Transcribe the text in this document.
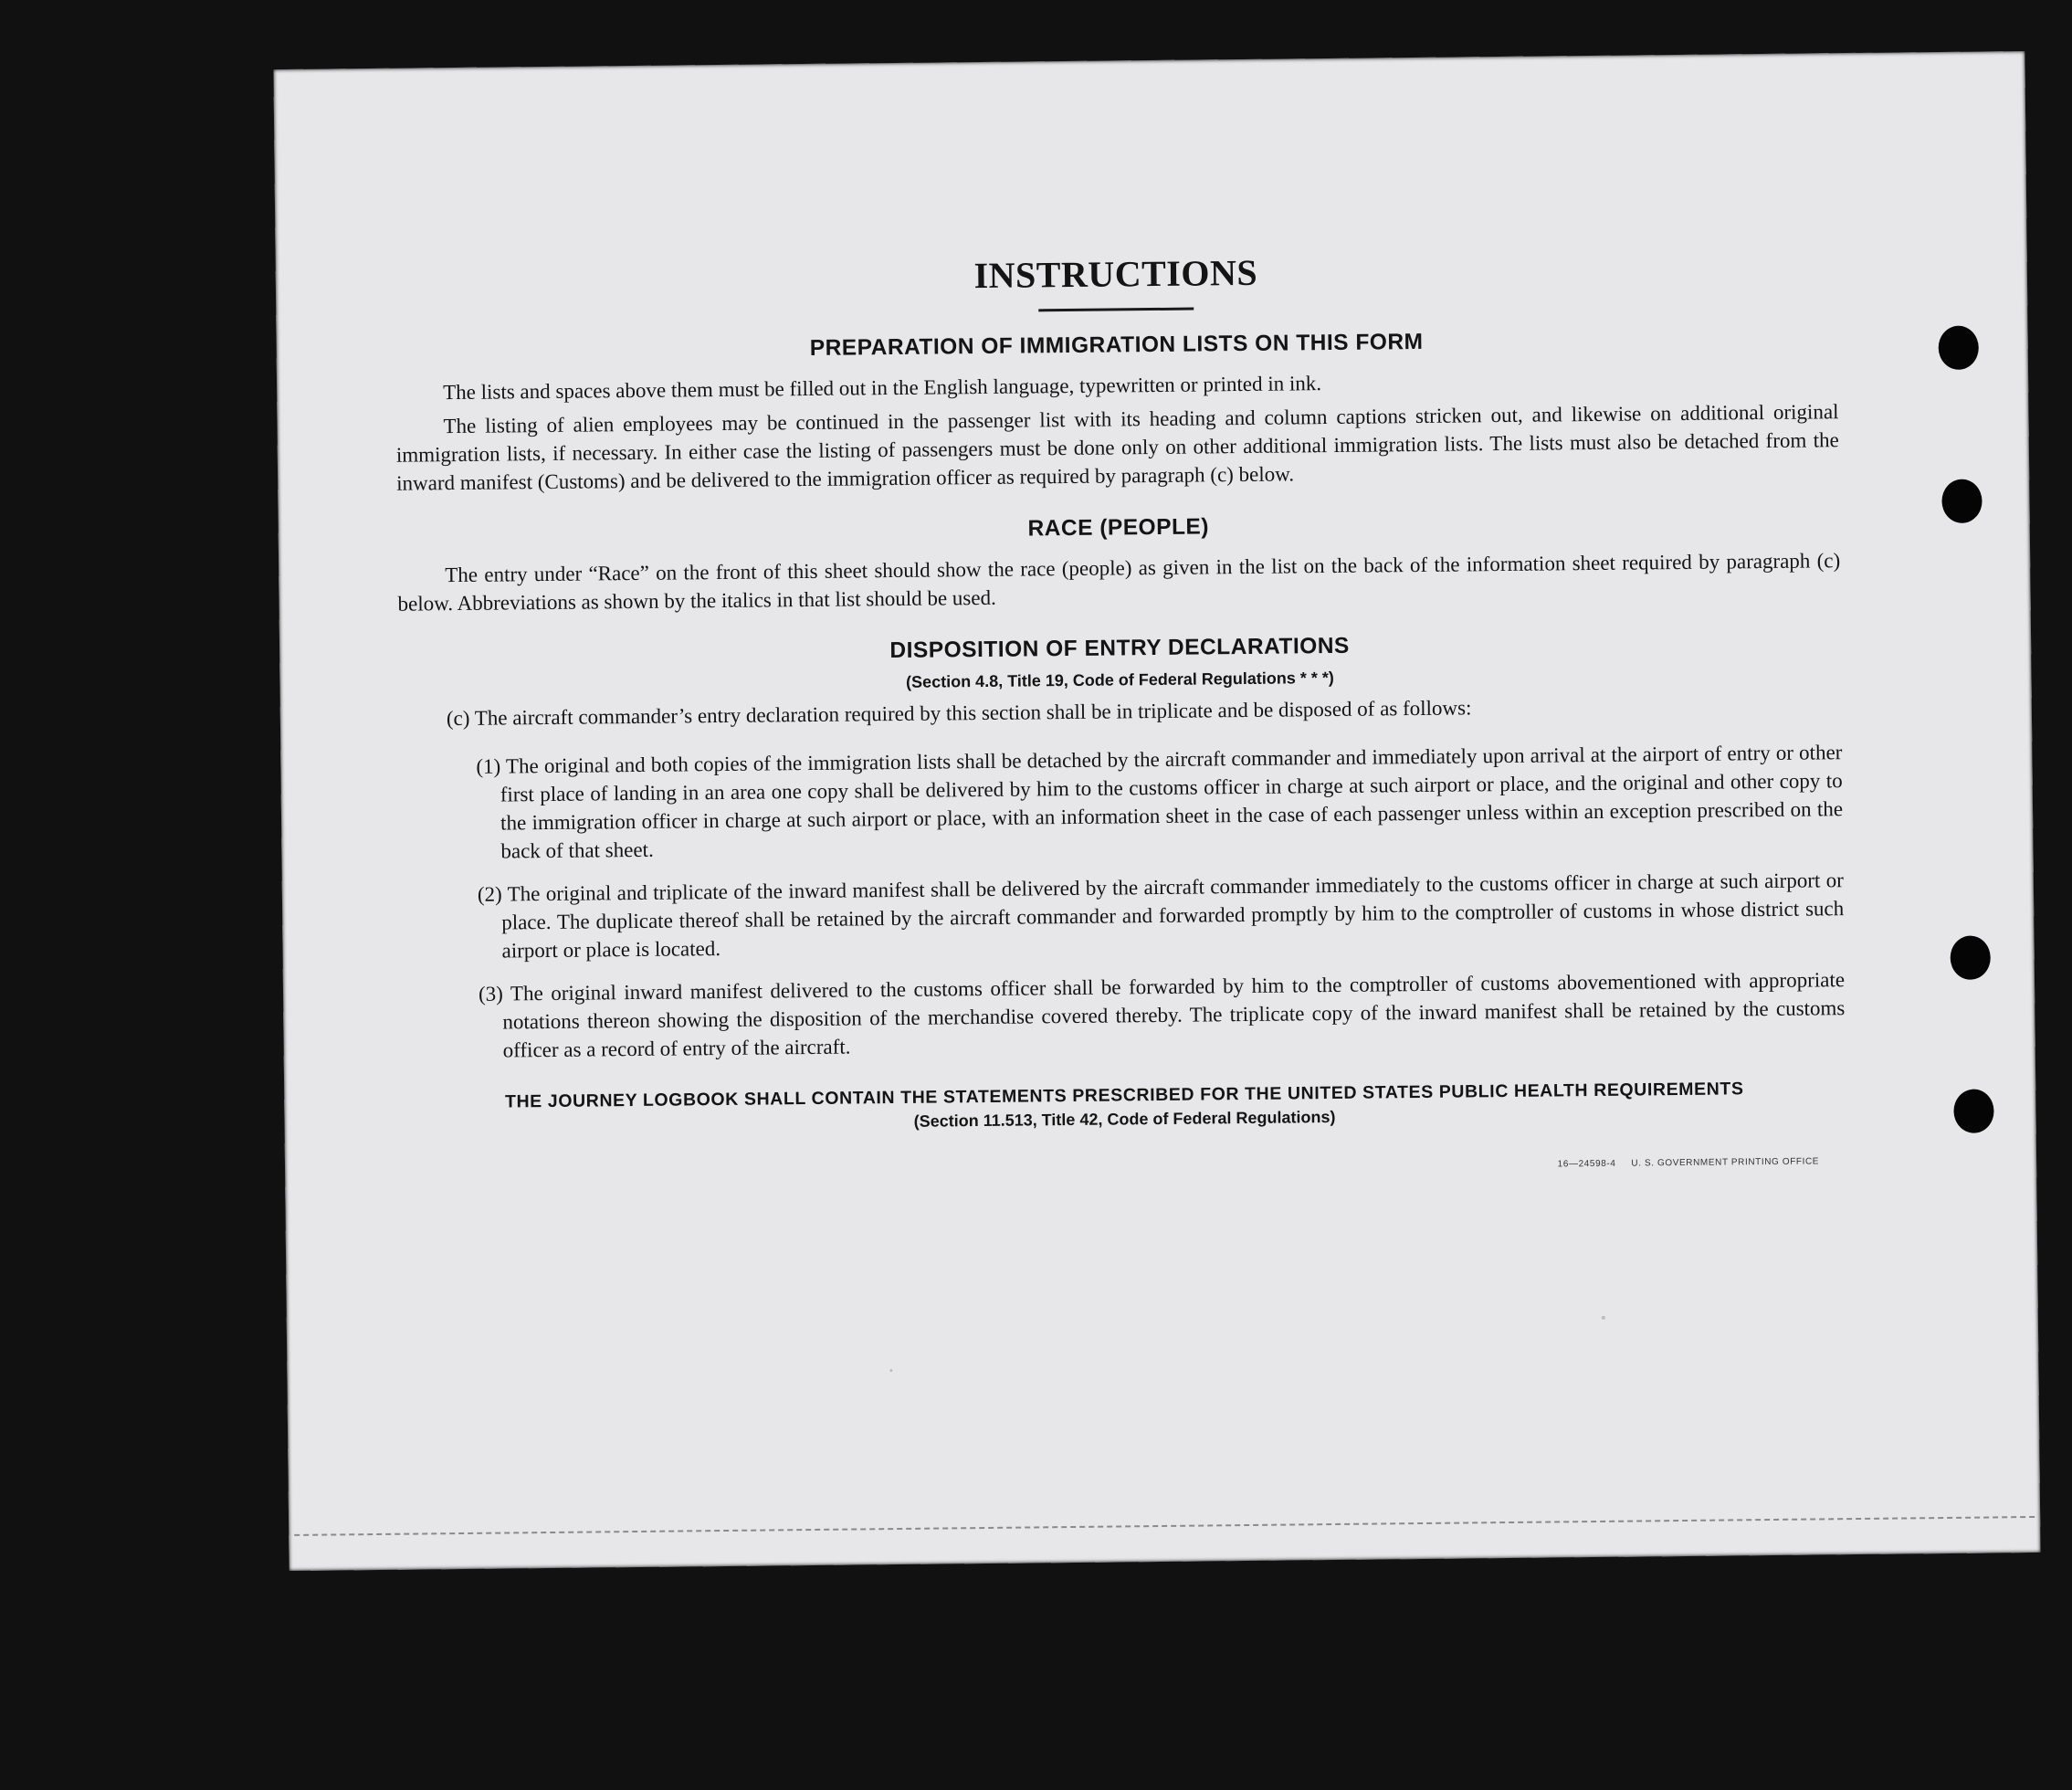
INSTRUCTIONS
PREPARATION OF IMMIGRATION LISTS ON THIS FORM

The lists and spaces above them must be filled out in the English language, typewritten or printed in ink.

The listing of alien employees may be continued in the passenger list with its heading and column captions stricken out, and likewise on additional original immigration lists, if necessary. In either case the listing of passengers must be done only on other additional immigration lists. The lists must also be detached from the inward manifest (Customs) and be delivered to the immigration officer as required by paragraph (c) below.

RACE (PEOPLE)

The entry under “Race” on the front of this sheet should show the race (people) as given in the list on the back of the information sheet required by paragraph (c) below. Abbreviations as shown by the italics in that list should be used.

DISPOSITION OF ENTRY DECLARATIONS
(Section 4.8, Title 19, Code of Federal Regulations * * *)
(c) The aircraft commander’s entry declaration required by this section shall be in triplicate and be disposed of as follows:
(1) The original and both copies of the immigration lists shall be detached by the aircraft commander and immediately upon arrival at the airport of entry or other first place of landing in an area one copy shall be delivered by him to the customs officer in charge at such airport or place, and the original and other copy to the immigration officer in charge at such airport or place, with an information sheet in the case of each passenger unless within an exception prescribed on the back of that sheet.
(2) The original and triplicate of the inward manifest shall be delivered by the aircraft commander immediately to the customs officer in charge at such airport or place. The duplicate thereof shall be retained by the aircraft commander and forwarded promptly by him to the comptroller of customs in whose district such airport or place is located.
(3) The original inward manifest delivered to the customs officer shall be forwarded by him to the comptroller of customs abovementioned with appropriate notations thereon showing the disposition of the merchandise covered thereby. The triplicate copy of the inward manifest shall be retained by the customs officer as a record of entry of the aircraft.
THE JOURNEY LOGBOOK SHALL CONTAIN THE STATEMENTS PRESCRIBED FOR THE UNITED STATES PUBLIC HEALTH REQUIREMENTS
(Section 11.513, Title 42, Code of Federal Regulations)
16—24598-4 U. S. GOVERNMENT PRINTING OFFICE
